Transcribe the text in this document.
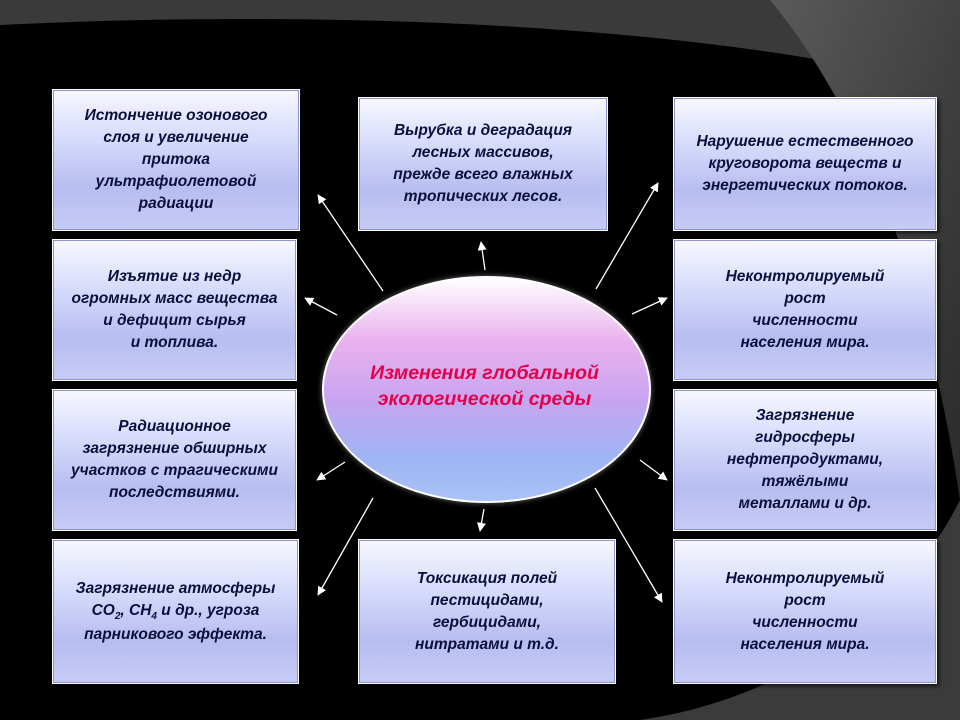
Истончение озонового
слоя и увеличение
притока
ультрафиолетовой
радиации
Вырубка и деградация
лесных массивов,
прежде всего влажных
тропических лесов.
Нарушение естественного
круговорота веществ и
энергетических потоков.
Изъятие из недр
огромных масс вещества
и дефицит сырья
и топлива.
Неконтролируемый
рост
численности
населения мира.
Радиационное
загрязнение обширных
участков с трагическими
последствиями.
Загрязнение
гидросферы
нефтепродуктами,
тяжёлыми
металлами и др.
Загрязнение атмосферы
$СО_2$, $СН_4$ и др., угроза
парникового эффекта.
Токсикация полей
пестицидами,
гербицидами,
нитратами и т.д.
Неконтролируемый
рост
численности
населения мира.
Изменения глобальной
экологической среды
